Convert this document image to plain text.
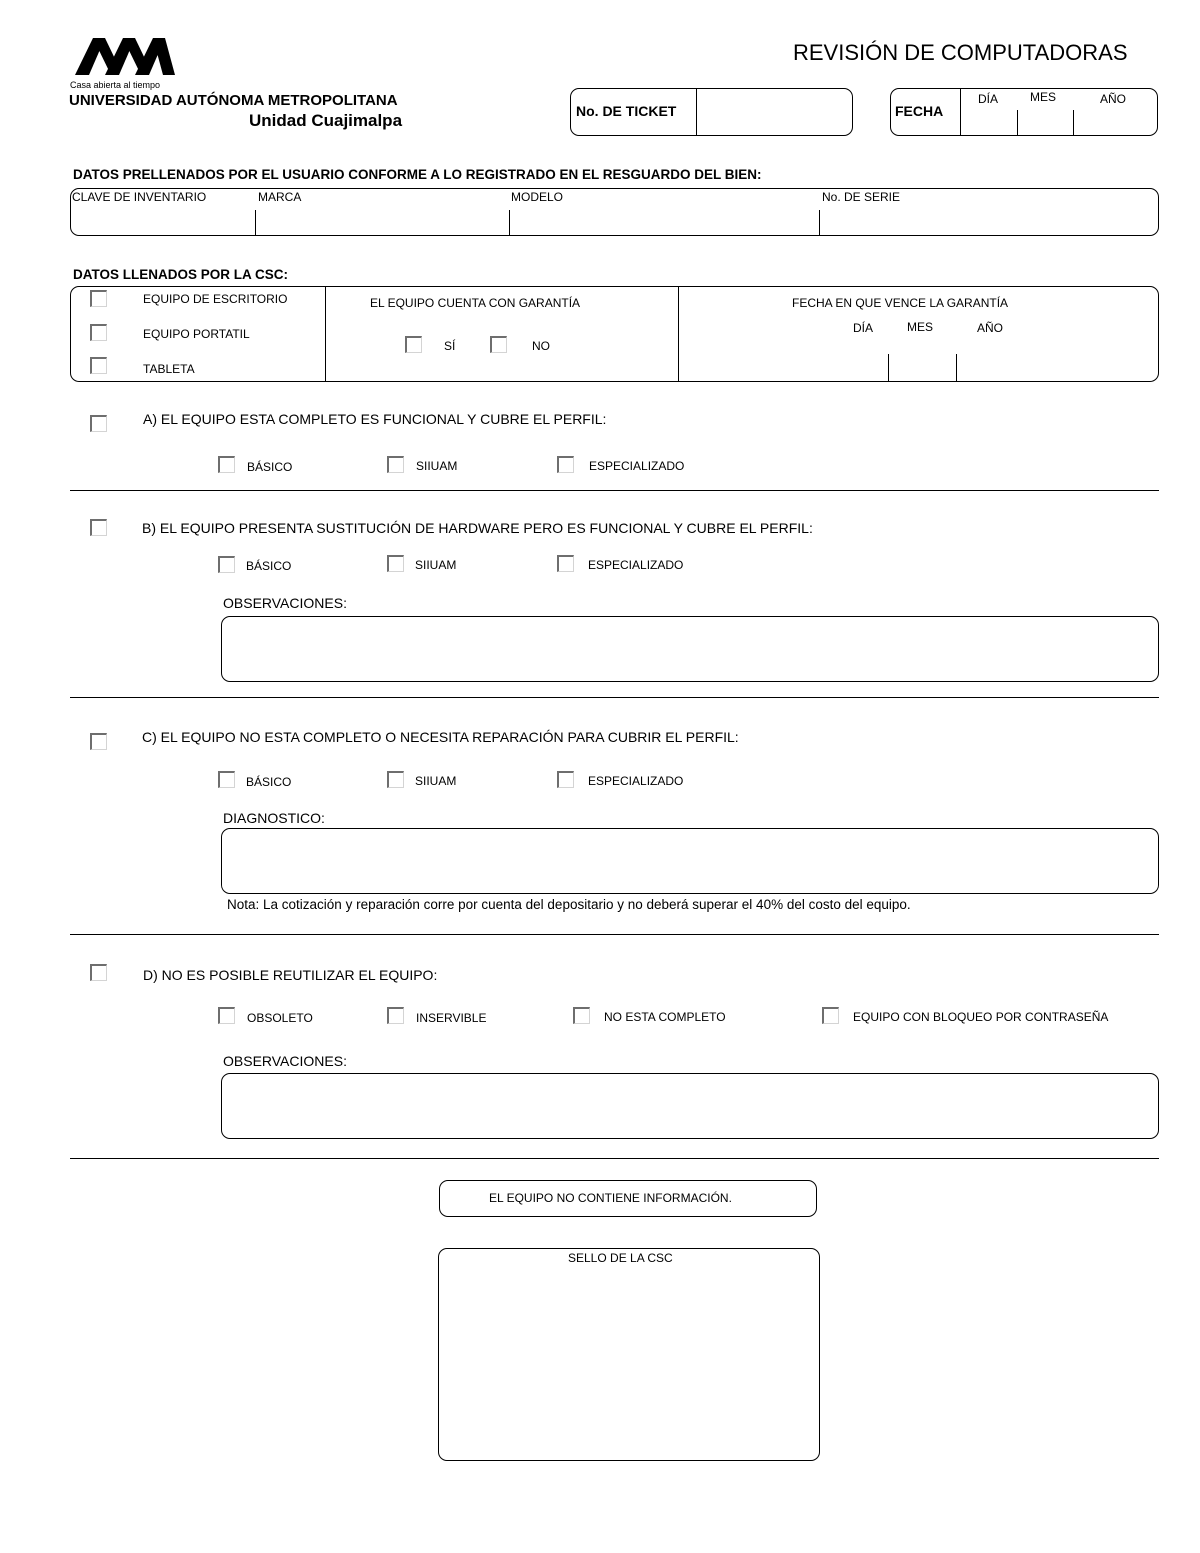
UAM
Casa abierta al tiempo
UNIVERSIDAD AUTÓNOMA METROPOLITANA
Unidad Cuajimalpa
REVISIÓN DE COMPUTADORAS
No. DE TICKET	FECHA
DÍA	MES	AÑO
DATOS PRELLENADOS POR EL USUARIO CONFORME A LO REGISTRADO EN EL RESGUARDO DEL BIEN:
CLAVE DE INVENTARIO	MARCA	MODELO	No. DE SERIE
DATOS LLENADOS POR LA CSC:
EQUIPO DE ESCRITORIO
EQUIPO PORTATIL
TABLETA
EL EQUIPO CUENTA CON GARANTÍA
SÍ	NO
FECHA EN QUE VENCE LA GARANTÍA
DÍA	MES	AÑO
A) EL EQUIPO ESTA COMPLETO ES FUNCIONAL Y CUBRE EL PERFIL:
BÁSICO	SIIUAM	ESPECIALIZADO
B) EL EQUIPO PRESENTA SUSTITUCIÓN DE HARDWARE PERO ES FUNCIONAL Y CUBRE EL PERFIL:
BÁSICO	SIIUAM	ESPECIALIZADO
OBSERVACIONES:
C) EL EQUIPO NO ESTA COMPLETO O NECESITA REPARACIÓN PARA CUBRIR EL PERFIL:
BÁSICO	SIIUAM	ESPECIALIZADO
DIAGNOSTICO:
Nota: La cotización y reparación corre por cuenta del depositario y no deberá superar el 40% del costo del equipo.
D) NO ES POSIBLE REUTILIZAR EL EQUIPO:
OBSOLETO	INSERVIBLE	NO ESTA COMPLETO	EQUIPO CON BLOQUEO POR CONTRASEÑA
OBSERVACIONES:
EL EQUIPO NO CONTIENE INFORMACIÓN.
SELLO DE LA CSC
